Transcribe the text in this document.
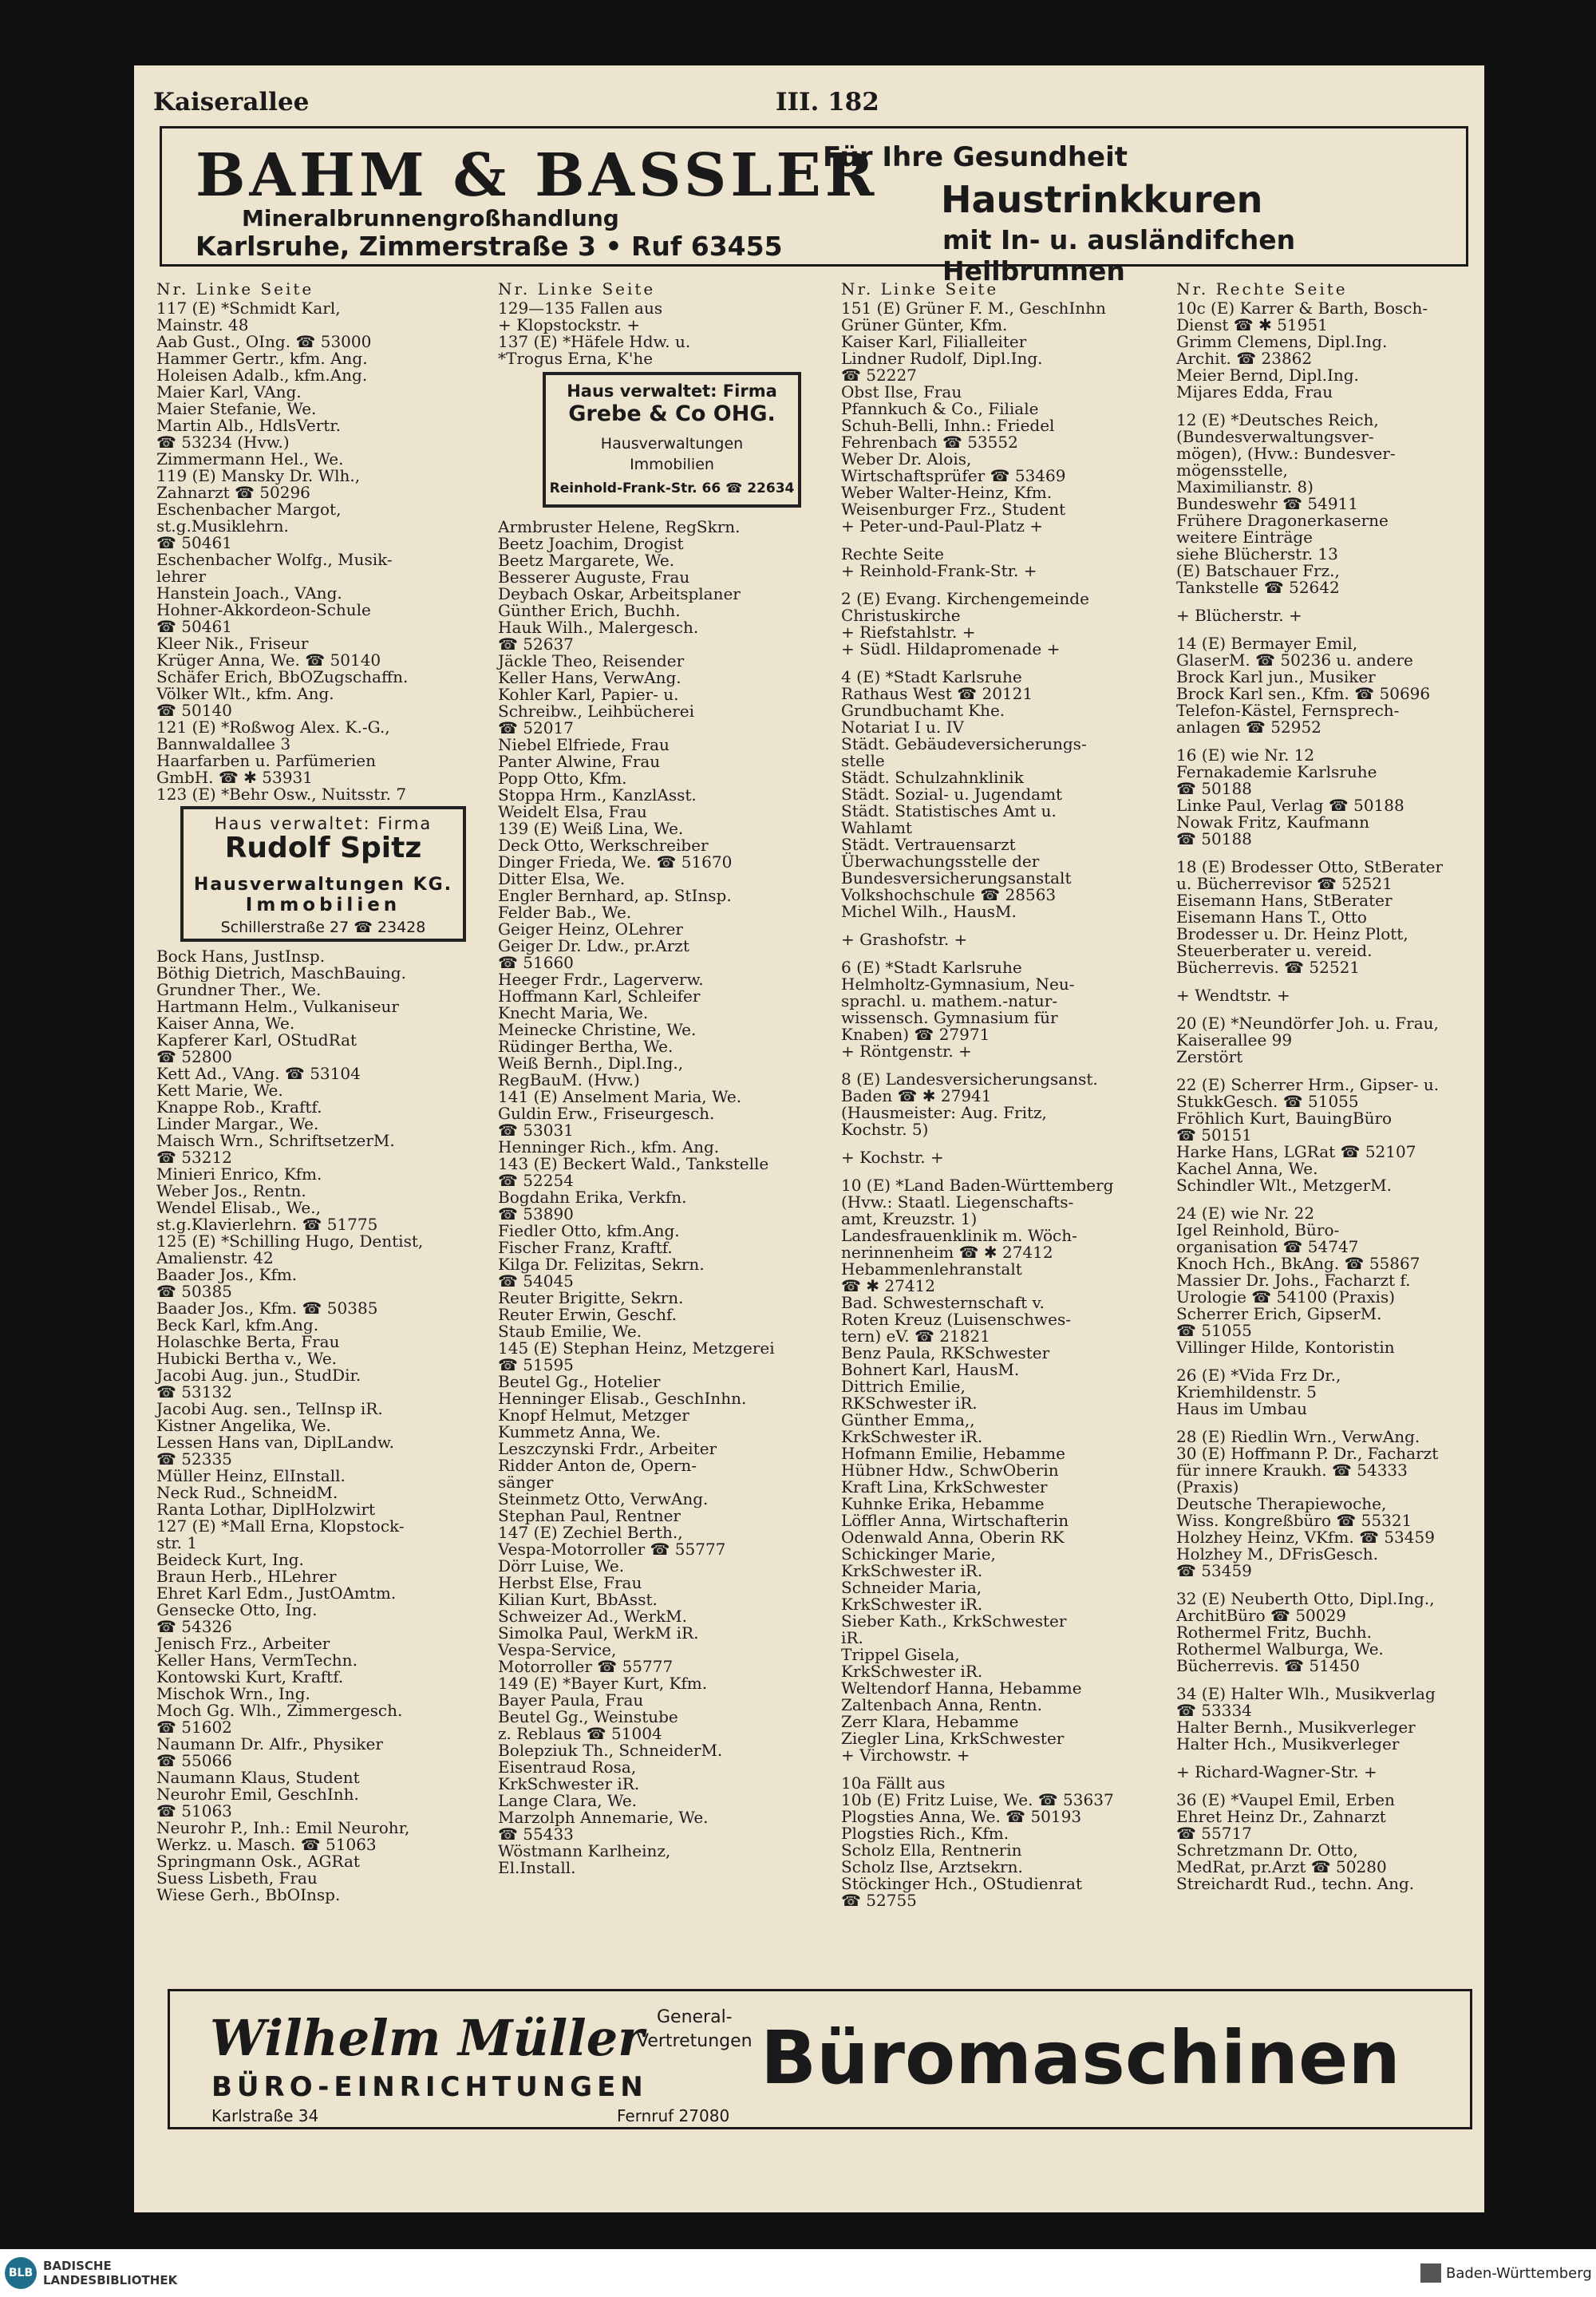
Kaiserallee	III. 182
BAHM & BASSLER
Mineralbrunnengroßhandlung
Karlsruhe, Zimmerstraße 3 • Ruf 63455
Für Ihre Gesundheit
Haustrinkkuren
mit In- u. ausländifchen Heilbrunnen
Nr. Linke Seite
117 (E) *Schmidt Karl,
Mainstr. 48
Aab Gust., OIng. ☎ 53000
Hammer Gertr., kfm. Ang.
Holeisen Adalb., kfm.Ang.
Maier Karl, VAng.
Maier Stefanie, We.
Martin Alb., HdlsVertr.
☎ 53234 (Hvw.)
Zimmermann Hel., We.
119 (E) Mansky Dr. Wlh.,
Zahnarzt ☎ 50296
Eschenbacher Margot,
st.g.Musiklehrn.
☎ 50461
Eschenbacher Wolfg., Musik-
lehrer
Hanstein Joach., VAng.
Hohner-Akkordeon-Schule
☎ 50461
Kleer Nik., Friseur
Krüger Anna, We. ☎ 50140
Schäfer Erich, BbOZugschaffn.
Völker Wlt., kfm. Ang.
☎ 50140
121 (E) *Roßwog Alex. K.-G.,
Bannwaldallee 3
Haarfarben u. Parfümerien
GmbH. ☎ ✱ 53931
123 (E) *Behr Osw., Nuitsstr. 7
Haus verwaltet: Firma
Rudolf Spitz
Hausverwaltungen KG.
Immobilien
Schillerstraße 27 ☎ 23428
Bock Hans, JustInsp.
Böthig Dietrich, MaschBauing.
Grundner Ther., We.
Hartmann Helm., Vulkaniseur
Kaiser Anna, We.
Kapferer Karl, OStudRat
☎ 52800
Kett Ad., VAng. ☎ 53104
Kett Marie, We.
Knappe Rob., Kraftf.
Linder Margar., We.
Maisch Wrn., SchriftsetzerM.
☎ 53212
Minieri Enrico, Kfm.
Weber Jos., Rentn.
Wendel Elisab., We.,
st.g.Klavierlehrn. ☎ 51775
125 (E) *Schilling Hugo, Dentist,
Amalienstr. 42
Baader Jos., Kfm.
☎ 50385
Baader Jos., Kfm. ☎ 50385
Beck Karl, kfm.Ang.
Holaschke Berta, Frau
Hubicki Bertha v., We.
Jacobi Aug. jun., StudDir.
☎ 53132
Jacobi Aug. sen., TelInsp iR.
Kistner Angelika, We.
Lessen Hans van, DiplLandw.
☎ 52335
Müller Heinz, ElInstall.
Neck Rud., SchneidM.
Ranta Lothar, DiplHolzwirt
127 (E) *Mall Erna, Klopstock-
str. 1
Beideck Kurt, Ing.
Braun Herb., HLehrer
Ehret Karl Edm., JustOAmtm.
Gensecke Otto, Ing.
☎ 54326
Jenisch Frz., Arbeiter
Keller Hans, VermTechn.
Kontowski Kurt, Kraftf.
Mischok Wrn., Ing.
Moch Gg. Wlh., Zimmergesch.
☎ 51602
Naumann Dr. Alfr., Physiker
☎ 55066
Naumann Klaus, Student
Neurohr Emil, GeschInh.
☎ 51063
Neurohr P., Inh.: Emil Neurohr,
Werkz. u. Masch. ☎ 51063
Springmann Osk., AGRat
Suess Lisbeth, Frau
Wiese Gerh., BbOInsp.
Nr. Linke Seite
129—135 Fallen aus
+ Klopstockstr. +
137 (E) *Häfele Hdw. u.
*Trogus Erna, K'he
Haus verwaltet: Firma
Grebe & Co OHG.
Hausverwaltungen
Immobilien
Reinhold-Frank-Str. 66 ☎ 22634
Armbruster Helene, RegSkrn.
Beetz Joachim, Drogist
Beetz Margarete, We.
Besserer Auguste, Frau
Deybach Oskar, Arbeitsplaner
Günther Erich, Buchh.
Hauk Wilh., Malergesch.
☎ 52637
Jäckle Theo, Reisender
Keller Hans, VerwAng.
Kohler Karl, Papier- u.
Schreibw., Leihbücherei
☎ 52017
Niebel Elfriede, Frau
Panter Alwine, Frau
Popp Otto, Kfm.
Stoppa Hrm., KanzlAsst.
Weidelt Elsa, Frau
139 (E) Weiß Lina, We.
Deck Otto, Werkschreiber
Dinger Frieda, We. ☎ 51670
Ditter Elsa, We.
Engler Bernhard, ap. StInsp.
Felder Bab., We.
Geiger Heinz, OLehrer
Geiger Dr. Ldw., pr.Arzt
☎ 51660
Heeger Frdr., Lagerverw.
Hoffmann Karl, Schleifer
Knecht Maria, We.
Meinecke Christine, We.
Rüdinger Bertha, We.
Weiß Bernh., Dipl.Ing.,
RegBauM. (Hvw.)
141 (E) Anselment Maria, We.
Guldin Erw., Friseurgesch.
☎ 53031
Henninger Rich., kfm. Ang.
143 (E) Beckert Wald., Tankstelle
☎ 52254
Bogdahn Erika, Verkfn.
☎ 53890
Fiedler Otto, kfm.Ang.
Fischer Franz, Kraftf.
Kilga Dr. Felizitas, Sekrn.
☎ 54045
Reuter Brigitte, Sekrn.
Reuter Erwin, Geschf.
Staub Emilie, We.
145 (E) Stephan Heinz, Metzgerei
☎ 51595
Beutel Gg., Hotelier
Henninger Elisab., GeschInhn.
Knopf Helmut, Metzger
Kummetz Anna, We.
Leszczynski Frdr., Arbeiter
Ridder Anton de, Opern-
sänger
Steinmetz Otto, VerwAng.
Stephan Paul, Rentner
147 (E) Zechiel Berth.,
Vespa-Motorroller ☎ 55777
Dörr Luise, We.
Herbst Else, Frau
Kilian Kurt, BbAsst.
Schweizer Ad., WerkM.
Simolka Paul, WerkM iR.
Vespa-Service,
Motorroller ☎ 55777
149 (E) *Bayer Kurt, Kfm.
Bayer Paula, Frau
Beutel Gg., Weinstube
z. Reblaus ☎ 51004
Bolepziuk Th., SchneiderM.
Eisentraud Rosa,
KrkSchwester iR.
Lange Clara, We.
Marzolph Annemarie, We.
☎ 55433
Wöstmann Karlheinz,
El.Install.
Nr. Linke Seite
151 (E) Grüner F. M., GeschInhn
Grüner Günter, Kfm.
Kaiser Karl, Filialleiter
Lindner Rudolf, Dipl.Ing.
☎ 52227
Obst Ilse, Frau
Pfannkuch & Co., Filiale
Schuh-Belli, Inhn.: Friedel
Fehrenbach ☎ 53552
Weber Dr. Alois,
Wirtschaftsprüfer ☎ 53469
Weber Walter-Heinz, Kfm.
Weisenburger Frz., Student
+ Peter-und-Paul-Platz +
Rechte Seite
+ Reinhold-Frank-Str. +
2 (E) Evang. Kirchengemeinde
Christuskirche
+ Riefstahlstr. +
+ Südl. Hildapromenade +
4 (E) *Stadt Karlsruhe
Rathaus West ☎ 20121
Grundbuchamt Khe.
Notariat I u. IV
Städt. Gebäudeversicherungs-
stelle
Städt. Schulzahnklinik
Städt. Sozial- u. Jugendamt
Städt. Statistisches Amt u.
Wahlamt
Städt. Vertrauensarzt
Überwachungsstelle der
Bundesversicherungsanstalt
Volkshochschule ☎ 28563
Michel Wilh., HausM.
+ Grashofstr. +
6 (E) *Stadt Karlsruhe
Helmholtz-Gymnasium, Neu-
sprachl. u. mathem.-natur-
wissensch. Gymnasium für
Knaben) ☎ 27971
+ Röntgenstr. +
8 (E) Landesversicherungsanst.
Baden ☎ ✱ 27941
(Hausmeister: Aug. Fritz,
Kochstr. 5)
+ Kochstr. +
10 (E) *Land Baden-Württemberg
(Hvw.: Staatl. Liegenschafts-
amt, Kreuzstr. 1)
Landesfrauenklinik m. Wöch-
nerinnenheim ☎ ✱ 27412
Hebammenlehranstalt
☎ ✱ 27412
Bad. Schwesternschaft v.
Roten Kreuz (Luisenschwes-
tern) eV. ☎ 21821
Benz Paula, RKSchwester
Bohnert Karl, HausM.
Dittrich Emilie,
RKSchwester iR.
Günther Emma,,
KrkSchwester iR.
Hofmann Emilie, Hebamme
Hübner Hdw., SchwOberin
Kraft Lina, KrkSchwester
Kuhnke Erika, Hebamme
Löffler Anna, Wirtschafterin
Odenwald Anna, Oberin RK
Schickinger Marie,
KrkSchwester iR.
Schneider Maria,
KrkSchwester iR.
Sieber Kath., KrkSchwester
iR.
Trippel Gisela,
KrkSchwester iR.
Weltendorf Hanna, Hebamme
Zaltenbach Anna, Rentn.
Zerr Klara, Hebamme
Ziegler Lina, KrkSchwester
+ Virchowstr. +
10a Fällt aus
10b (E) Fritz Luise, We. ☎ 53637
Plogsties Anna, We. ☎ 50193
Plogsties Rich., Kfm.
Scholz Ella, Rentnerin
Scholz Ilse, Arztsekrn.
Stöckinger Hch., OStudienrat
☎ 52755
Nr. Rechte Seite
10c (E) Karrer & Barth, Bosch-
Dienst ☎ ✱ 51951
Grimm Clemens, Dipl.Ing.
Archit. ☎ 23862
Meier Bernd, Dipl.Ing.
Mijares Edda, Frau
12 (E) *Deutsches Reich,
(Bundesverwaltungsver-
mögen), (Hvw.: Bundesver-
mögensstelle,
Maximilianstr. 8)
Bundeswehr ☎ 54911
Frühere Dragonerkaserne
weitere Einträge
siehe Blücherstr. 13
(E) Batschauer Frz.,
Tankstelle ☎ 52642
+ Blücherstr. +
14 (E) Bermayer Emil,
GlaserM. ☎ 50236 u. andere
Brock Karl jun., Musiker
Brock Karl sen., Kfm. ☎ 50696
Telefon-Kästel, Fernsprech-
anlagen ☎ 52952
16 (E) wie Nr. 12
Fernakademie Karlsruhe
☎ 50188
Linke Paul, Verlag ☎ 50188
Nowak Fritz, Kaufmann
☎ 50188
18 (E) Brodesser Otto, StBerater
u. Bücherrevisor ☎ 52521
Eisemann Hans, StBerater
Eisemann Hans T., Otto
Brodesser u. Dr. Heinz Plott,
Steuerberater u. vereid.
Bücherrevis. ☎ 52521
+ Wendtstr. +
20 (E) *Neundörfer Joh. u. Frau,
Kaiserallee 99
Zerstört
22 (E) Scherrer Hrm., Gipser- u.
StukkGesch. ☎ 51055
Fröhlich Kurt, BauingBüro
☎ 50151
Harke Hans, LGRat ☎ 52107
Kachel Anna, We.
Schindler Wlt., MetzgerM.
24 (E) wie Nr. 22
Igel Reinhold, Büro-
organisation ☎ 54747
Knoch Hch., BkAng. ☎ 55867
Massier Dr. Johs., Facharzt f.
Urologie ☎ 54100 (Praxis)
Scherrer Erich, GipserM.
☎ 51055
Villinger Hilde, Kontoristin
26 (E) *Vida Frz Dr.,
Kriemhildenstr. 5
Haus im Umbau
28 (E) Riedlin Wrn., VerwAng.
30 (E) Hoffmann P. Dr., Facharzt
für innere Kraukh. ☎ 54333
(Praxis)
Deutsche Therapiewoche,
Wiss. Kongreßbüro ☎ 55321
Holzhey Heinz, VKfm. ☎ 53459
Holzhey M., DFrisGesch.
☎ 53459
32 (E) Neuberth Otto, Dipl.Ing.,
ArchitBüro ☎ 50029
Rothermel Fritz, Buchh.
Rothermel Walburga, We.
Bücherrevis. ☎ 51450
34 (E) Halter Wlh., Musikverlag
☎ 53334
Halter Bernh., Musikverleger
Halter Hch., Musikverleger
+ Richard-Wagner-Str. +
36 (E) *Vaupel Emil, Erben
Ehret Heinz Dr., Zahnarzt
☎ 55717
Schretzmann Dr. Otto,
MedRat, pr.Arzt ☎ 50280
Streichardt Rud., techn. Ang.
Wilhelm Müller General-
Vertretungen Büromaschinen
BÜRO-EINRICHTUNGEN
Karlstraße 34	Fernruf 27080
BLB BADISCHE
LANDESBIBLIOTHEK	Baden-Württemberg
